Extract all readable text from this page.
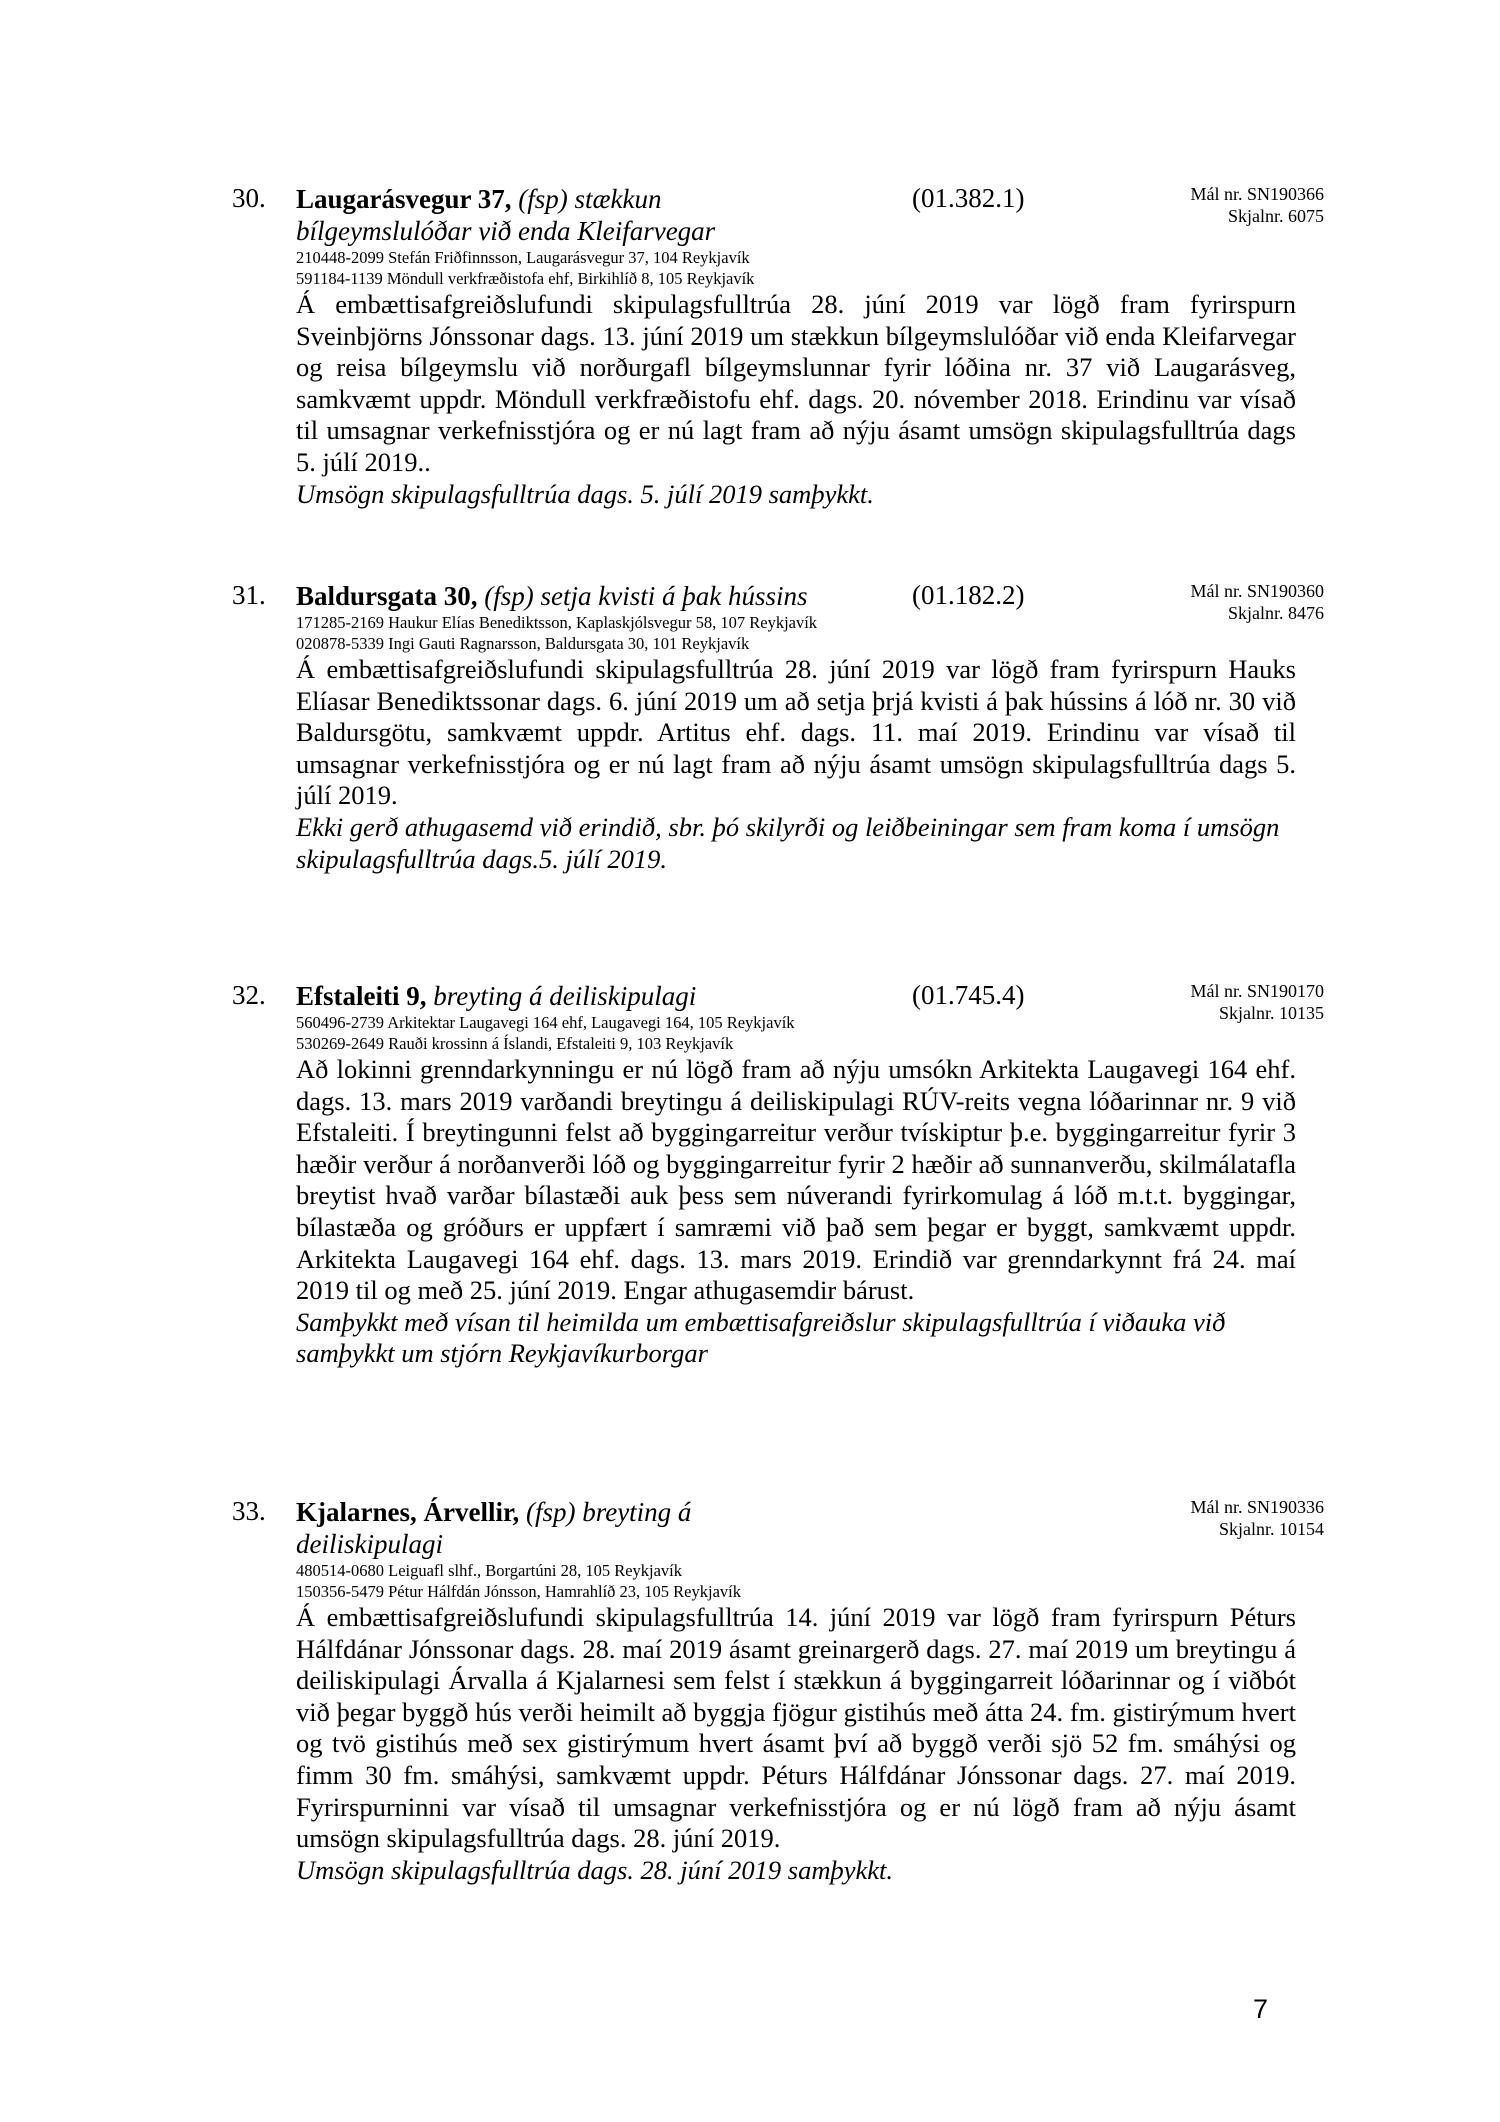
30.	Laugarásvegur 37, (fsp) stækkun bílgeymslulóðar við enda Kleifarvegar
(01.382.1)	Mál nr. SN190366
Skjalnr. 6075
210448-2099 Stefán Friðfinnsson, Laugarásvegur 37, 104 Reykjavík
591184-1139 Möndull verkfræðistofa ehf, Birkihlíð 8, 105 Reykjavík
Á embættisafgreiðslufundi skipulagsfulltrúa 28. júní 2019 var lögð fram fyrirspurn Sveinbjörns Jónssonar dags. 13. júní 2019 um stækkun bílgeymslulóðar við enda Kleifarvegar og reisa bílgeymslu við norðurgafl bílgeymslunnar fyrir lóðina nr. 37 við Laugarásveg, samkvæmt uppdr. Möndull verkfræðistofu ehf. dags. 20. nóvember 2018. Erindinu var vísað til umsagnar verkefnisstjóra og er nú lagt fram að nýju ásamt umsögn skipulagsfulltrúa dags 5. júlí 2019..
Umsögn skipulagsfulltrúa dags. 5. júlí 2019 samþykkt.
31.	Baldursgata 30, (fsp) setja kvisti á þak hússins	(01.182.2)	Mál nr. SN190360
Skjalnr. 8476
171285-2169 Haukur Elías Benediktsson, Kaplaskjólsvegur 58, 107 Reykjavík
020878-5339 Ingi Gauti Ragnarsson, Baldursgata 30, 101 Reykjavík
Á embættisafgreiðslufundi skipulagsfulltrúa 28. júní 2019 var lögð fram fyrirspurn Hauks Elíasar Benediktssonar dags. 6. júní 2019 um að setja þrjá kvisti á þak hússins á lóð nr. 30 við Baldursgötu, samkvæmt uppdr. Artitus ehf. dags. 11. maí 2019. Erindinu var vísað til umsagnar verkefnisstjóra og er nú lagt fram að nýju ásamt umsögn skipulagsfulltrúa dags 5. júlí 2019.
Ekki gerð athugasemd við erindið, sbr. þó skilyrði og leiðbeiningar sem fram koma í umsögn skipulagsfulltrúa dags.5. júlí 2019.
32.	Efstaleiti 9, breyting á deiliskipulagi	(01.745.4)	Mál nr. SN190170
Skjalnr. 10135
560496-2739 Arkitektar Laugavegi 164 ehf, Laugavegi 164, 105 Reykjavík
530269-2649 Rauði krossinn á Íslandi, Efstaleiti 9, 103 Reykjavík
Að lokinni grenndarkynningu er nú lögð fram að nýju umsókn Arkitekta Laugavegi 164 ehf. dags. 13. mars 2019 varðandi breytingu á deiliskipulagi RÚV-reits vegna lóðarinnar nr. 9 við Efstaleiti. Í breytingunni felst að byggingarreitur verður tvískiptur þ.e. byggingarreitur fyrir 3 hæðir verður á norðanverði lóð og byggingarreitur fyrir 2 hæðir að sunnanverðu, skilmálatafla breytist hvað varðar bílastæði auk þess sem núverandi fyrirkomulag á lóð m.t.t. byggingar, bílastæða og gróðurs er uppfært í samræmi við það sem þegar er byggt, samkvæmt uppdr. Arkitekta Laugavegi 164 ehf. dags. 13. mars 2019. Erindið var grenndarkynnt frá 24. maí 2019 til og með 25. júní 2019. Engar athugasemdir bárust.
Samþykkt með vísan til heimilda um embættisafgreiðslur skipulagsfulltrúa í viðauka við samþykkt um stjórn Reykjavíkurborgar
33.	Kjalarnes, Árvellir, (fsp) breyting á deiliskipulagi
Mál nr. SN190336
Skjalnr. 10154
480514-0680 Leiguafl slhf., Borgartúni 28, 105 Reykjavík
150356-5479 Pétur Hálfdán Jónsson, Hamrahlíð 23, 105 Reykjavík
Á embættisafgreiðslufundi skipulagsfulltrúa 14. júní 2019 var lögð fram fyrirspurn Péturs Hálfdánar Jónssonar dags. 28. maí 2019 ásamt greinargerð dags. 27. maí 2019 um breytingu á deiliskipulagi Árvalla á Kjalarnesi sem felst í stækkun á byggingarreit lóðarinnar og í viðbót við þegar byggð hús verði heimilt að byggja fjögur gistihús með átta 24. fm. gistirýmum hvert og tvö gistihús með sex gistirýmum hvert ásamt því að byggð verði sjö 52 fm. smáhýsi og fimm 30 fm. smáhýsi, samkvæmt uppdr. Péturs Hálfdánar Jónssonar dags. 27. maí 2019. Fyrirspurninni var vísað til umsagnar verkefnisstjóra og er nú lögð fram að nýju ásamt umsögn skipulagsfulltrúa dags. 28. júní 2019.
Umsögn skipulagsfulltrúa dags. 28. júní 2019 samþykkt.
7
